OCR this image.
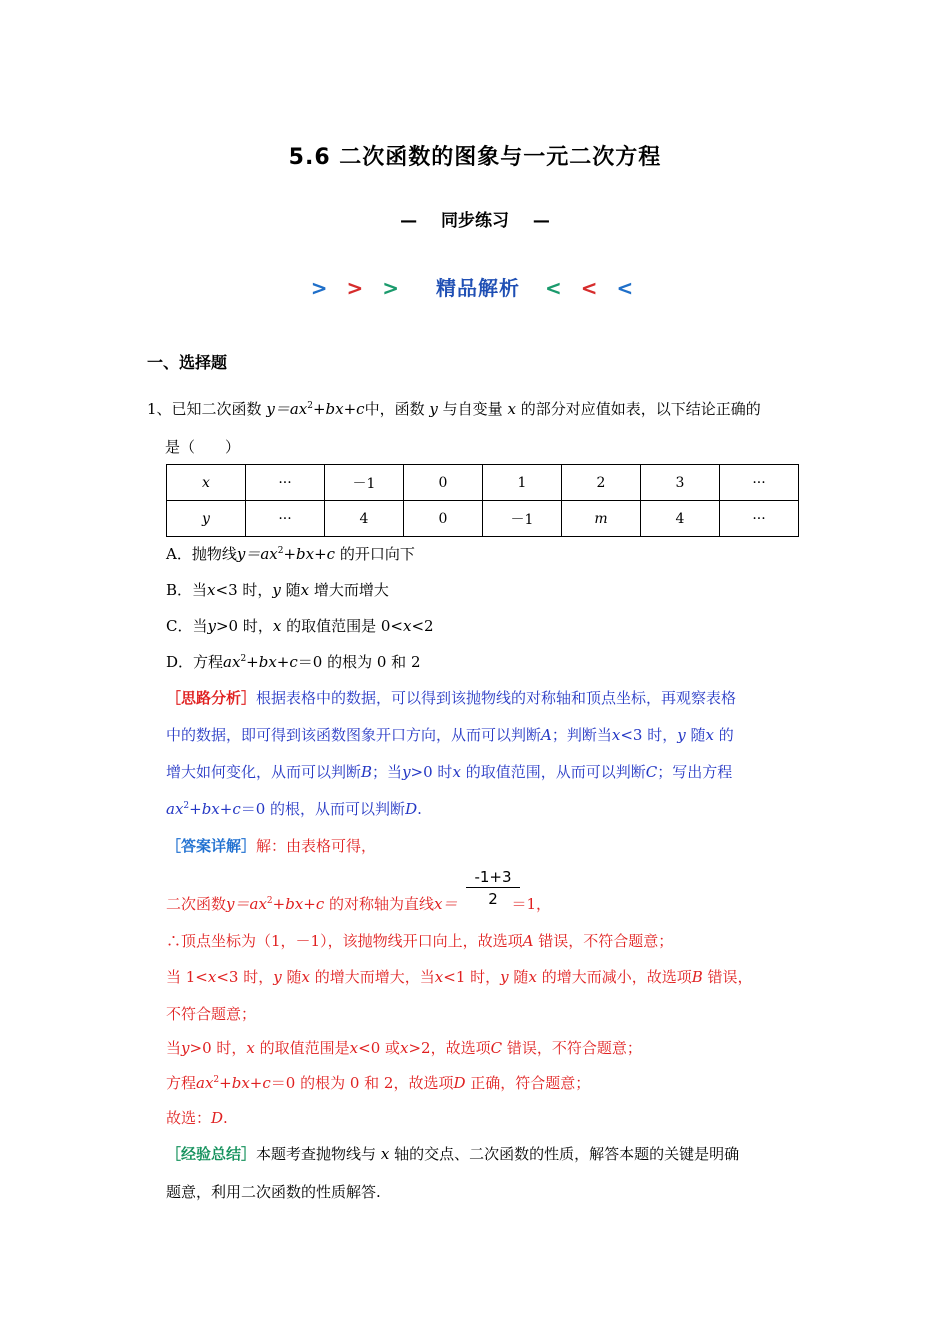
5.6 二次函数的图象与一元二次方程
— 同步练习 —
> > > 精品解析 < < <
一、选择题
1、已知二次函数 $y=ax^2+bx+c$中，函数 y 与自变量 x 的部分对应值如表，以下结论正确的
是（　　）
x	···	－1	0	1	2	3	···
y	···	4	0	－1	m	4	···
A．抛物线$y=ax^2+bx+c$ 的开口向下
B．当x<3 时，y 随x 增大而增大
C．当y>0 时，x 的取值范围是 0<x<2
D．方程$ax^2+bx+c=0$ 的根为 0 和 2
［思路分析］根据表格中的数据，可以得到该抛物线的对称轴和顶点坐标，再观察表格
中的数据，即可得到该函数图象开口方向，从而可以判断A；判断当x<3 时，y 随x 的
增大如何变化，从而可以判断B；当y>0 时x 的取值范围，从而可以判断C；写出方程
$ax^2+bx+c=0$ 的根，从而可以判断D.
［答案详解］解：由表格可得，
$\frac{-1+3}{2}$
二次函数$y=ax^2+bx+c$ 的对称轴为直线x＝	＝1，
∴顶点坐标为（1，－1），该抛物线开口向上，故选项A 错误，不符合题意；
当 1<x<3 时，y 随x 的增大而增大，当x<1 时，y 随x 的增大而减小，故选项B 错误，
不符合题意；
当y>0 时，x 的取值范围是x<0 或x>2，故选项C 错误，不符合题意；
方程$ax^2+bx+c=0$ 的根为 0 和 2，故选项D 正确，符合题意；
故选：D.
［经验总结］本题考查抛物线与 x 轴的交点、二次函数的性质，解答本题的关键是明确
题意，利用二次函数的性质解答.
